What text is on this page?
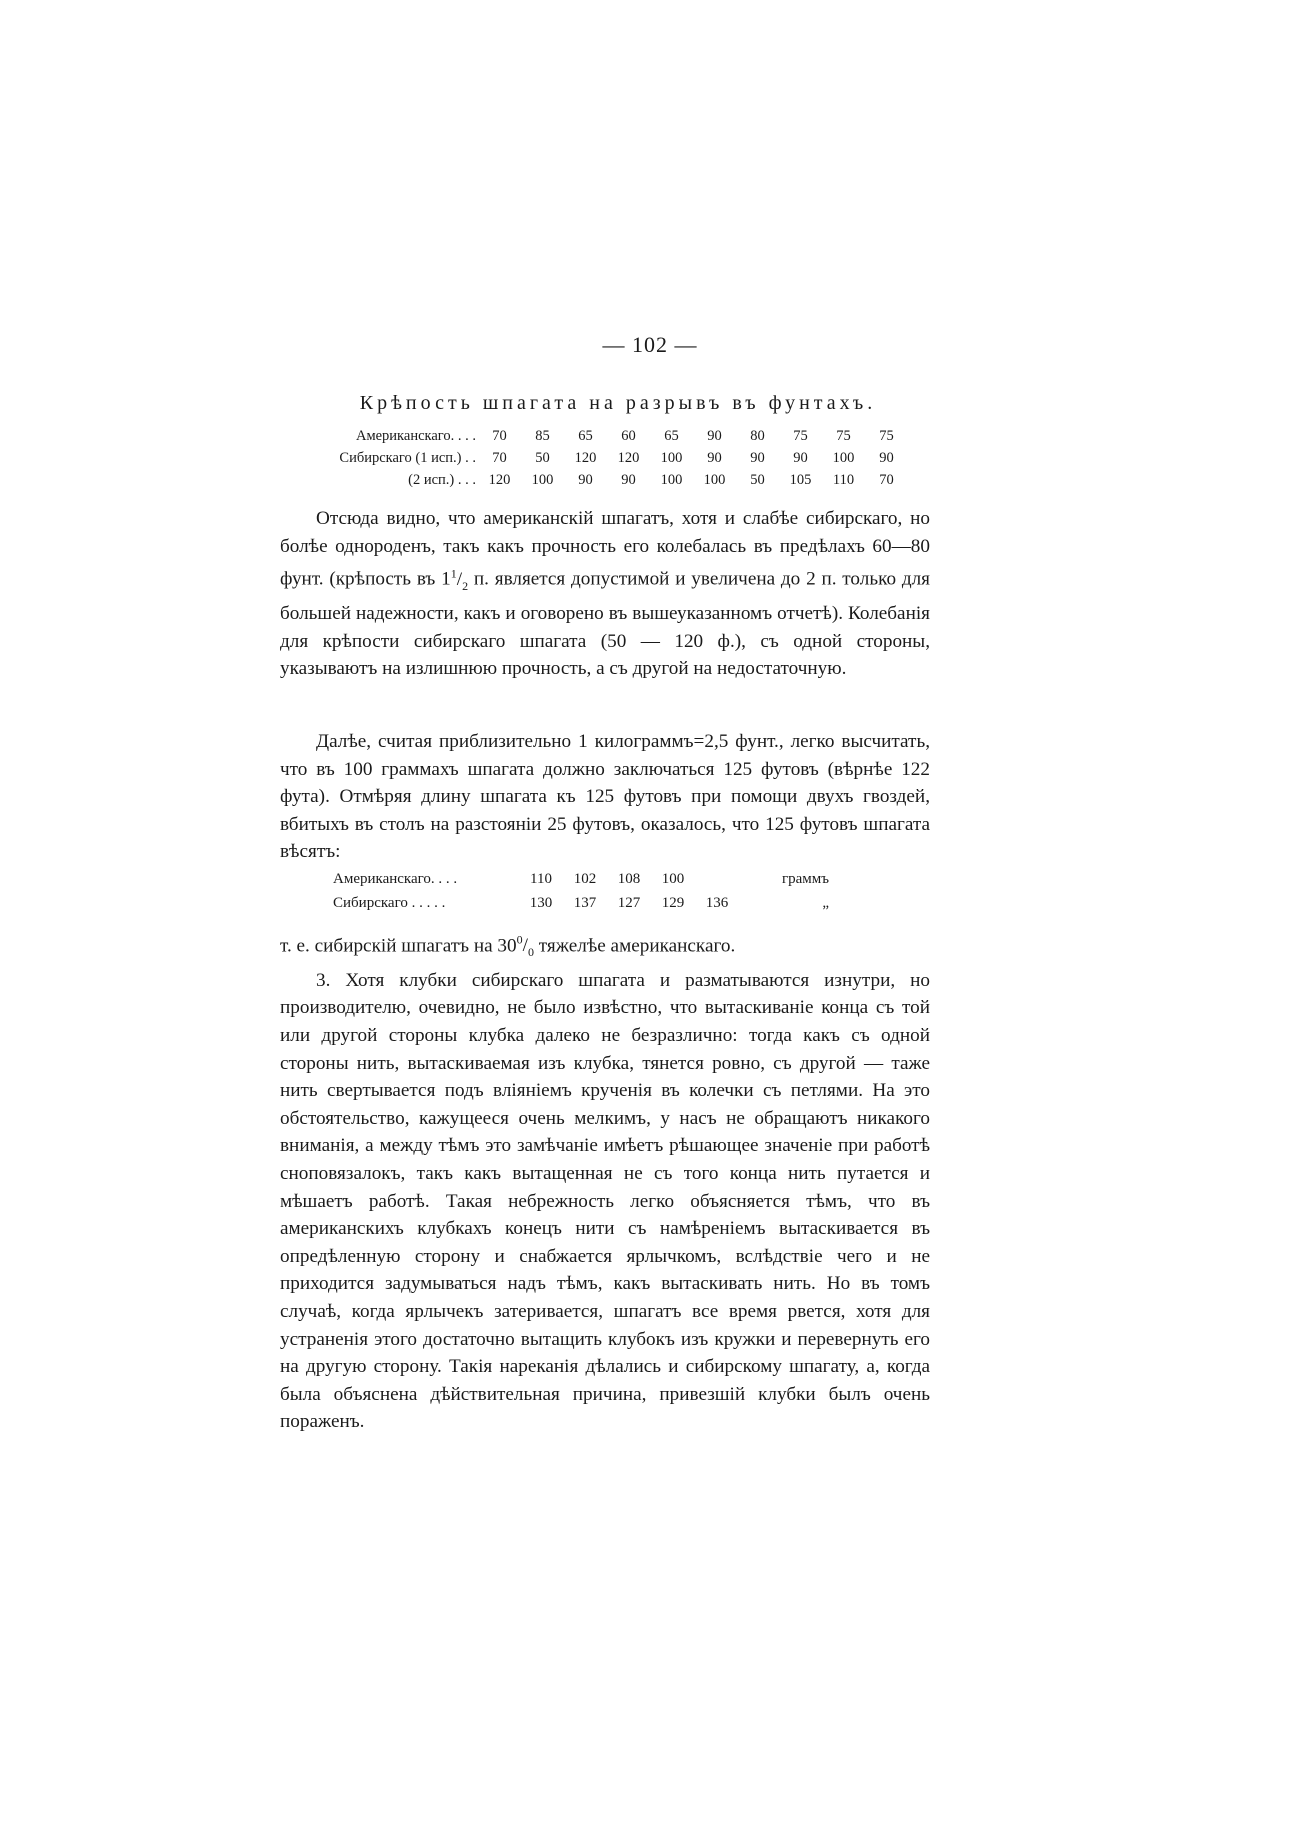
— 102 —
Крѣпость шпагата на разрывъ въ фунтахъ.
Американскаго. . . .	70	85	65	60	65	90	80	75	75	75
Сибирскаго (1 исп.) . .	70	50	120	120	100	90	90	90	100	90
(2 исп.) . . .	120	100	90	90	100	100	50	105	110	70

Отсюда видно, что американскій шпагатъ, хотя и слабѣе сибирскаго, но болѣе однороденъ, такъ какъ прочность его колебалась въ предѣлахъ 60—80 фунт. (крѣпость въ $1^1/_2$ п. является допустимой и увеличена до 2 п. только для большей надежности, какъ и оговорено въ вышеуказанномъ отчетѣ). Колебанія для крѣпости сибирскаго шпагата (50 — 120 ф.), съ одной стороны, указываютъ на излишнюю прочность, а съ другой на недостаточную.

Далѣе, считая приблизительно 1 килограммъ=2,5 фунт., легко высчитать, что въ 100 граммахъ шпагата должно заключаться 125 футовъ (вѣрнѣе 122 фута). Отмѣряя длину шпагата къ 125 футовъ при помощи двухъ гвоздей, вбитыхъ въ столъ на разстояніи 25 футовъ, оказалось, что 125 футовъ шпагата вѣсятъ:

Американскаго. . . .	110	102	108	100		граммъ
Сибирскаго . . . . .	130	137	127	129	136	„

т. е. сибирскій шпагатъ на $30^0/_0$ тяжелѣе американскаго.

3. Хотя клубки сибирскаго шпагата и разматываются изнутри, но производителю, очевидно, не было извѣстно, что вытаскиваніе конца съ той или другой стороны клубка далеко не безразлично: тогда какъ съ одной стороны нить, вытаскиваемая изъ клубка, тянется ровно, съ другой — таже нить свертывается подъ вліяніемъ крученія въ колечки съ петлями. На это обстоятельство, кажущееся очень мелкимъ, у насъ не обращаютъ никакого вниманія, а между тѣмъ это замѣчаніе имѣетъ рѣшающее значеніе при работѣ сноповязалокъ, такъ какъ вытащенная не съ того конца нить путается и мѣшаетъ работѣ. Такая небрежность легко объясняется тѣмъ, что въ американскихъ клубкахъ конецъ нити съ намѣреніемъ вытаскивается въ опредѣленную сторону и снабжается ярлычкомъ, вслѣдствіе чего и не приходится задумываться надъ тѣмъ, какъ вытаскивать нить. Но въ томъ случаѣ, когда ярлычекъ затеривается, шпагатъ все время рвется, хотя для устраненія этого достаточно вытащить клубокъ изъ кружки и перевернуть его на другую сторону. Такія нареканія дѣлались и сибирскому шпагату, а, когда была объяснена дѣйствительная причина, привезшій клубки былъ очень пораженъ.
